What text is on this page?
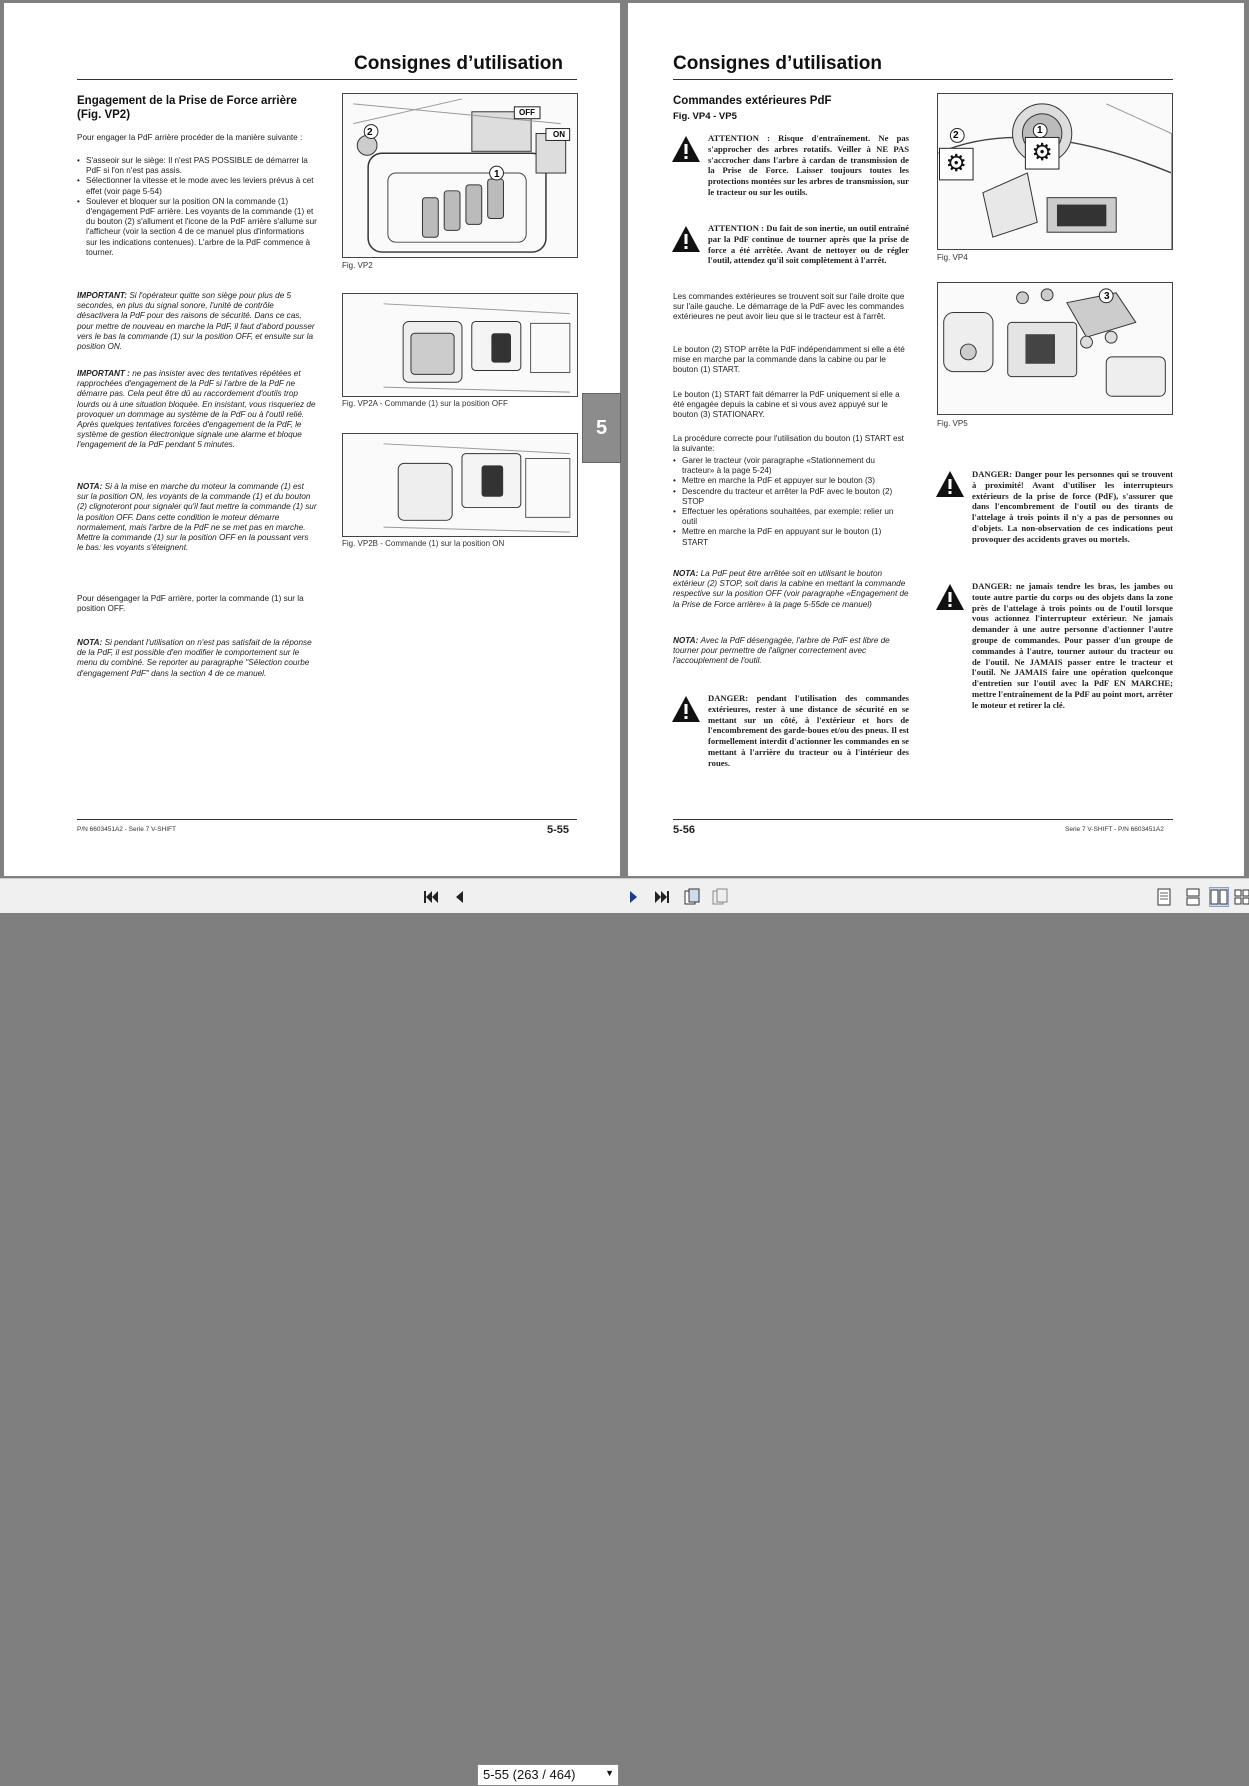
Consignes d’utilisation
Engagement de la Prise de Force arrière (Fig. VP2)
Pour engager la PdF arrière procéder de la manière suivante :
• S'asseoir sur le siège: Il n'est PAS POSSIBLE de démarrer la PdF si l'on n'est pas assis.
• Sélectionner la vitesse et le mode avec les leviers prévus à cet effet (voir page 5-54)
• Soulever et bloquer sur la position ON la commande (1) d'engagement PdF arrière. Les voyants de la commande (1) et du bouton (2) s'allument et l'icone de la PdF arrière s'allume sur l'afficheur (voir la section 4 de ce manuel plus d'informations sur les indications contenues). L'arbre de la PdF commence à tourner.
IMPORTANT: Si l'opérateur quitte son siège pour plus de 5 secondes, en plus du signal sonore, l'unité de contrôle désactivera la PdF pour des raisons de sécurité. Dans ce cas, pour mettre de nouveau en marche la PdF, il faut d'abord pousser vers le bas la commande (1) sur la position OFF, et ensuite sur la position ON.
IMPORTANT : ne pas insister avec des tentatives répétées et rapprochées d'engagement de la PdF si l'arbre de la PdF ne démarre pas. Cela peut être dû au raccordement d'outils trop lourds ou à une situation bloquée. En insistant, vous risqueriez de provoquer un dommage au système de la PdF ou à l'outil relié. Après quelques tentatives forcées d'engagement de la PdF, le système de gestion électronique signale une alarme et bloque l'engagement de la PdF pendant 5 minutes.
NOTA: Si à la mise en marche du moteur la commande (1) est sur la position ON, les voyants de la commande (1) et du bouton (2) clignoteront pour signaler qu'il faut mettre la commande (1) sur la position OFF. Dans cette condition le moteur démarre normalement, mais l'arbre de la PdF ne se met pas en marche. Mettre la commande (1) sur la position OFF en la poussant vers le bas: les voyants s'éteignent.
Pour désengager la PdF arrière, porter la commande (1) sur la position OFF.
NOTA: Si pendant l'utilisation on n'est pas satisfait de la réponse de la PdF, il est possible d'en modifier le comportement sur le menu du combiné. Se reporter au paragraphe "Sélection courbe d'engagement PdF" dans la section 4 de ce manuel.
2
1
OFF
ON
Fig. VP2
Fig. VP2A - Commande (1) sur la position OFF
Fig. VP2B - Commande (1) sur la position ON
P/N 6603451A2 - Serie 7 V-SHIFT	5-55
5
Consignes d’utilisation
Commandes extérieures PdF
Fig. VP4 - VP5
ATTENTION : Risque d'entraînement. Ne pas s'approcher des arbres rotatifs. Veiller à NE PAS s'accrocher dans l'arbre à cardan de transmission de la Prise de Force. Laisser toujours toutes les protections montées sur les arbres de transmission, sur le tracteur ou sur les outils.
ATTENTION : Du fait de son inertie, un outil entraîné par la PdF continue de tourner après que la prise de force a été arrêtée. Avant de nettoyer ou de régler l'outil, attendez qu'il soit complètement à l'arrêt.
Les commandes extérieures se trouvent soit sur l'aile droite que sur l'aile gauche. Le démarrage de la PdF avec les commandes extérieures ne peut avoir lieu que si le tracteur est à l'arrêt.
Le bouton (2) STOP arrête la PdF indépendamment si elle a été mise en marche par la commande dans la cabine ou par le bouton (1) START.
Le bouton (1) START fait démarrer la PdF uniquement si elle a été engagée depuis la cabine et si vous avez appuyé sur le bouton (3) STATIONARY.
La procédure correcte pour l'utilisation du bouton (1) START est la suivante:
• Garer le tracteur (voir paragraphe «Stationnement du tracteur» à la page 5-24)
• Mettre en marche la PdF et appuyer sur le bouton (3)
• Descendre du tracteur et arrêter la PdF avec le bouton (2) STOP
• Effectuer les opérations souhaitées, par exemple: relier un outil
• Mettre en marche la PdF en appuyant sur le bouton (1) START
NOTA: La PdF peut être arrêtée soit en utilisant le bouton extérieur (2) STOP, soit dans la cabine en mettant la commande respective sur la position OFF (voir paragraphe «Engagement de la Prise de Force arrière» à la page 5-55de ce manuel)
NOTA: Avec la PdF désengagée, l'arbre de PdF est libre de tourner pour permettre de l'aligner correctement avec l'accouplement de l'outil.
DANGER: pendant l'utilisation des commandes extérieures, rester à une distance de sécurité en se mettant sur un côté, à l'extérieur et hors de l'encombrement des garde-boues et/ou des pneus. Il est formellement interdit d'actionner les commandes en se mettant à l'arrière du tracteur ou à l'intérieur des roues.
⚙	⚙
2	1
Fig. VP4
3
Fig. VP5
DANGER: Danger pour les personnes qui se trouvent à proximité! Avant d'utiliser les interrupteurs extérieurs de la prise de force (PdF), s'assurer que dans l'encombrement de l'outil ou des tirants de l'attelage à trois points il n'y a pas de personnes ou d'objets. La non-observation de ces indications peut provoquer des accidents graves ou mortels.
DANGER: ne jamais tendre les bras, les jambes ou toute autre partie du corps ou des objets dans la zone près de l'attelage à trois points ou de l'outil lorsque vous actionnez l'interrupteur extérieur. Ne jamais demander à une autre personne d'actionner l'autre groupe de commandes. Pour passer d'un groupe de commandes à l'autre, tourner autour du tracteur ou de l'outil. Ne JAMAIS passer entre le tracteur et l'outil. Ne JAMAIS faire une opération quelconque d'entretien sur l'outil avec la PdF EN MARCHE; mettre l'entraînement de la PdF au point mort, arrêter le moteur et retirer la clé.
5-56	Serie 7 V-SHIFT - P/N 6603451A2
5-55 (263 / 464)	▼
